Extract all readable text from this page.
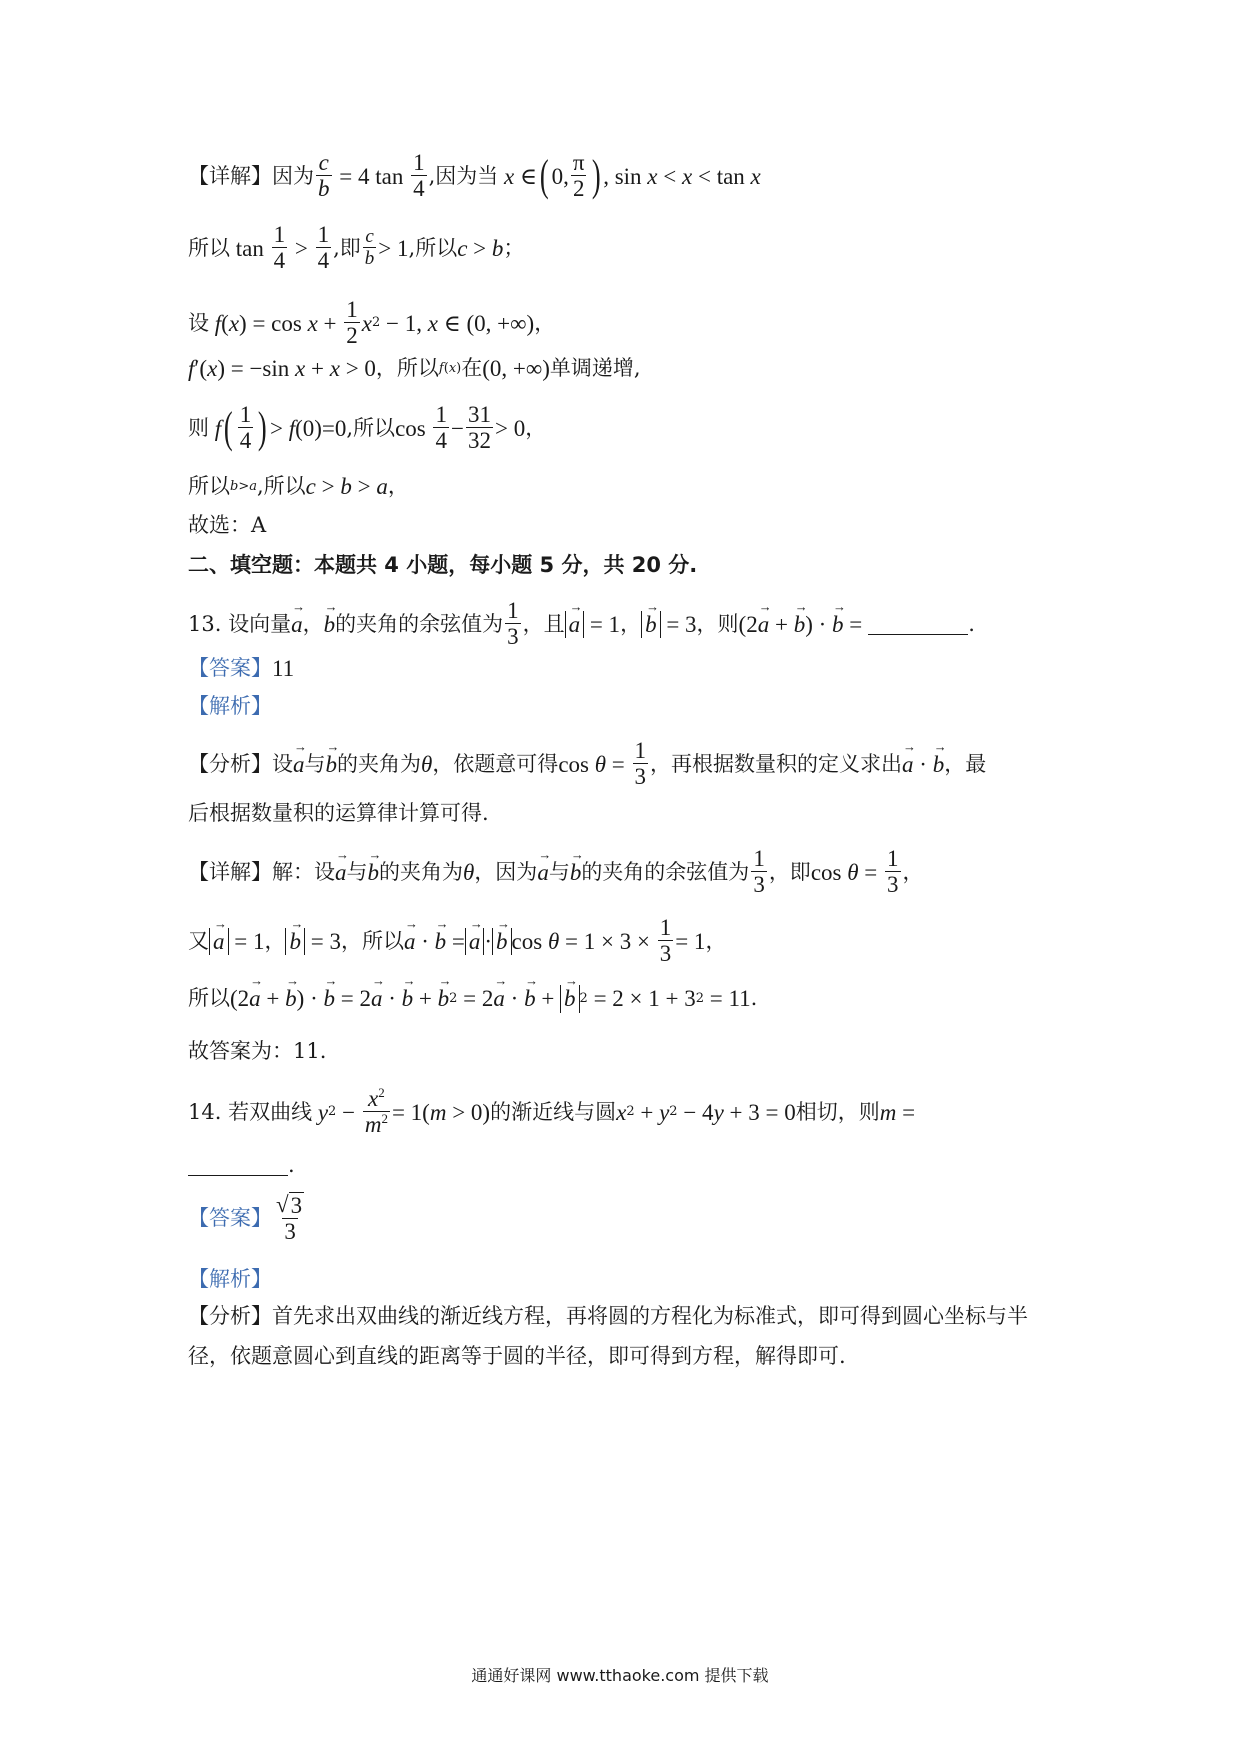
【详解】 因为 $\frac{c}{b} = 4$ $\tan \frac{1}{4}$ ,因为当 x ∈ ( 0, $\frac{\pi}{2}$ ) , sin x < x < tan x
所以 $\tan \frac{1}{4} > \frac{1}{4}$ ,即 $\frac{c}{b} > 1$ ,所以 c > b ；
设 $f(x) = \cos x + \frac{1}{2}$ x 2 − 1, x ∈ (0, +∞) ，
f′(x) = −sin x + x > 0 ，所以 f(x) 在 (0, +∞) 单调递增,
则 f ( $\frac{1}{4}$ ) > f(0)=0 ,所以 $\cos \frac{1}{4} - \frac{31}{32} > 0$ ，
所以 b>a ,所以 c > b > a ，
故选：A
二、填空题：本题共 4 小题，每小题 5 分，共 20 分.
13. 设向量 → a ， → b 的夹角的余弦值为 $\frac{1}{3}$ ，且 → a = 1 ， → b = 3 ，则 (2→ a + → b) · → b =	.
【答案】 11
【解析】
【分析】 设 → a 与 → b 的夹角为 θ ，依题意可得 $\cos \theta = \frac{1}{3}$ ，再根据数量积的定义求出 → a · → b ，最
后根据数量积的运算律计算可得.
【详解】 解：设 → a 与 → b 的夹角为 θ ，因为 → a 与 → b 的夹角的余弦值为 $\frac{1}{3}$ ，即 $\cos \theta = \frac{1}{3}$ ，
又 → a = 1 ， → b = 3 ，所以 → a · → b = → a · → b $\cos \theta = 1 \times 3 \times \frac{1}{3} = 1$ ，
所以 (2→ a + → b) · → b = 2→ a · → b + → b 2 = 2→ a · → b + → b 2 = 2 × 1 + 3 2 = 11 .
故答案为：11.
14. 若双曲线 y $2 - \frac{x^2}{m^2} = 1(m > 0)$ 的渐近线与圆 x 2 + y 2 − 4y + 3 = 0 相切，则 m =
.
【答案】 $\frac{√ 3}{3}$
【解析】
【分析】 首先求出双曲线的渐近线方程，再将圆的方程化为标准式，即可得到圆心坐标与半
径，依题意圆心到直线的距离等于圆的半径，即可得到方程，解得即可.
通通好课网 www.tthaoke.com 提供下载
